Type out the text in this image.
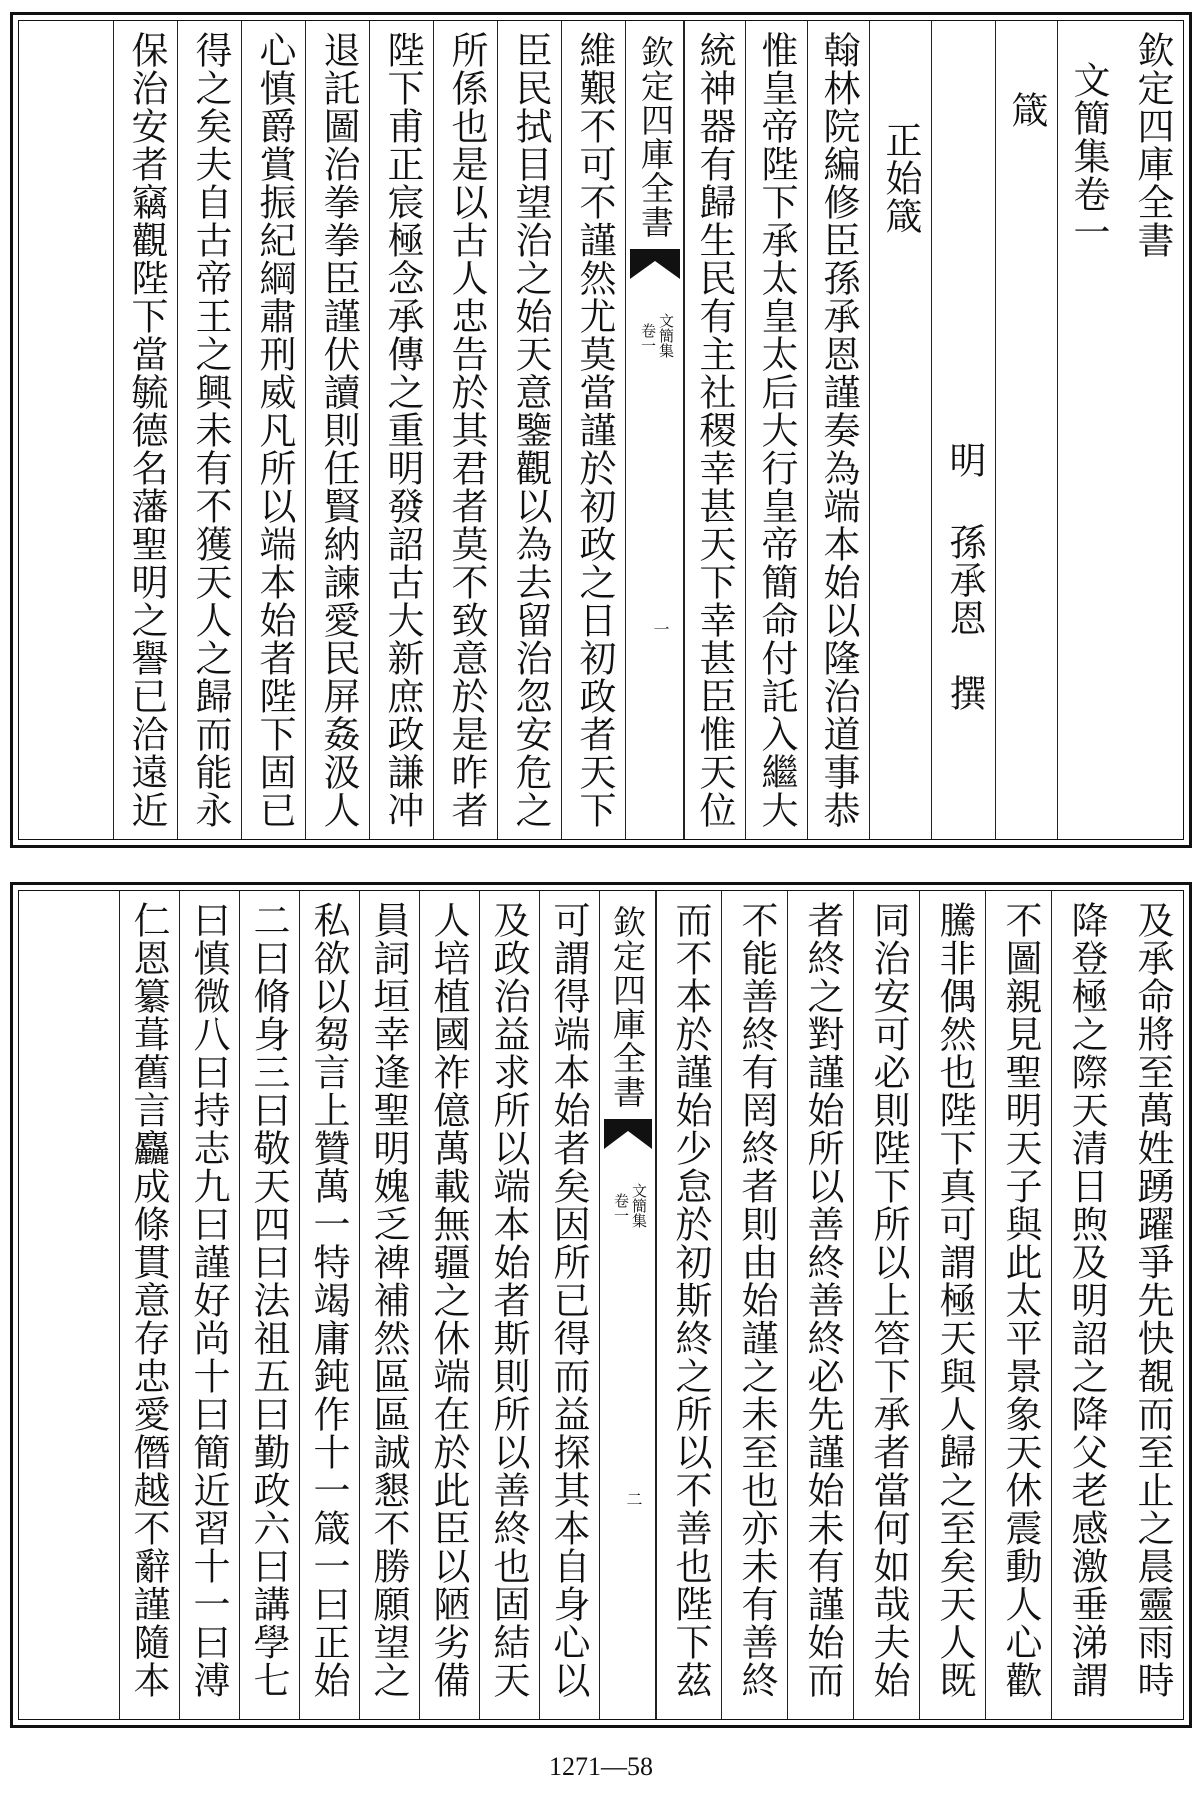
欽定四庫全書
文簡集卷一
箴
明孫承恩撰
正始箴
翰林院編修臣孫承恩謹奏為端本始以隆治道事恭
惟皇帝陛下承太皇太后大行皇帝簡命付託入繼大
統神器有歸生民有主社稷幸甚天下幸甚臣惟天位
欽定四庫全書
文簡集
卷一
一
維艱不可不謹然尤莫當謹於初政之日初政者天下
臣民拭目望治之始天意鑒觀以為去留治忽安危之
所係也是以古人忠告於其君者莫不致意於是昨者
陛下甫正宸極念承傳之重明發詔古大新庶政謙冲
退託圖治拳拳臣謹伏讀則任賢納諫愛民屏姦汲人
心慎爵賞振紀綱肅刑威凡所以端本始者陛下固已
得之矣夫自古帝王之興未有不獲天人之歸而能永
保治安者竊觀陛下當毓德名藩聖明之譽已洽遠近
及承命將至萬姓踴躍爭先快覩而至止之晨靈雨時
降登極之際天清日煦及明詔之降父老感激垂涕謂
不圖親見聖明天子與此太平景象天休震動人心歡
騰非偶然也陛下真可謂極天與人歸之至矣天人既
同治安可必則陛下所以上答下承者當何如哉夫始
者終之對謹始所以善終善終必先謹始未有謹始而
不能善終有罔終者則由始謹之未至也亦未有善終
而不本於謹始少怠於初斯終之所以不善也陛下茲
欽定四庫全書
文簡集
卷一
二
可謂得端本始者矣因所已得而益探其本自身心以
及政治益求所以端本始者斯則所以善終也固結天
人培植國祚億萬載無疆之休端在於此臣以陋劣備
員詞垣幸逢聖明媿乏裨補然區區誠懇不勝願望之
私欲以芻言上贊萬一特竭庸鈍作十一箴一曰正始
二曰脩身三曰敬天四曰法祖五曰勤政六曰講學七
曰慎微八曰持志九曰謹好尚十曰簡近習十一曰溥
仁恩纂葺舊言麤成條貫意存忠愛僭越不辭謹隨本
1271—58
